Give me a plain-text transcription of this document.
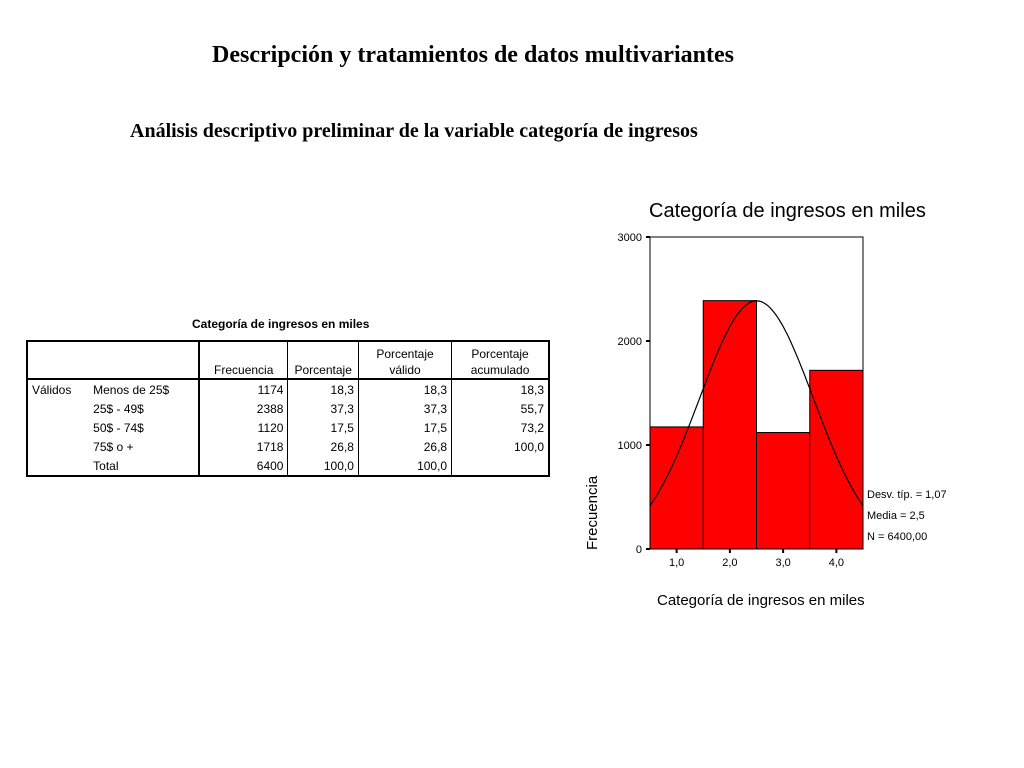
Descripción y tratamientos de datos multivariantes
Análisis descriptivo preliminar de la variable categoría de ingresos
Categoría de ingresos en miles
		Frecuencia	Porcentaje	Porcentaje válido	Porcentaje acumulado
Válidos	Menos de 25$	1174	18,3	18,3	18,3
	25$ - 49$	2388	37,3	37,3	55,7
	50$ - 74$	1120	17,5	17,5	73,2
	75$ o +	1718	26,8	26,8	100,0
	Total	6400	100,0	100,0	
Categoría de ingresos en miles
0
1000
2000
3000
1,0	2,0	3,0	4,0
Categoría de ingresos en miles
Frecuencia	Desv. típ. = 1,07
Media = 2,5
N = 6400,00
